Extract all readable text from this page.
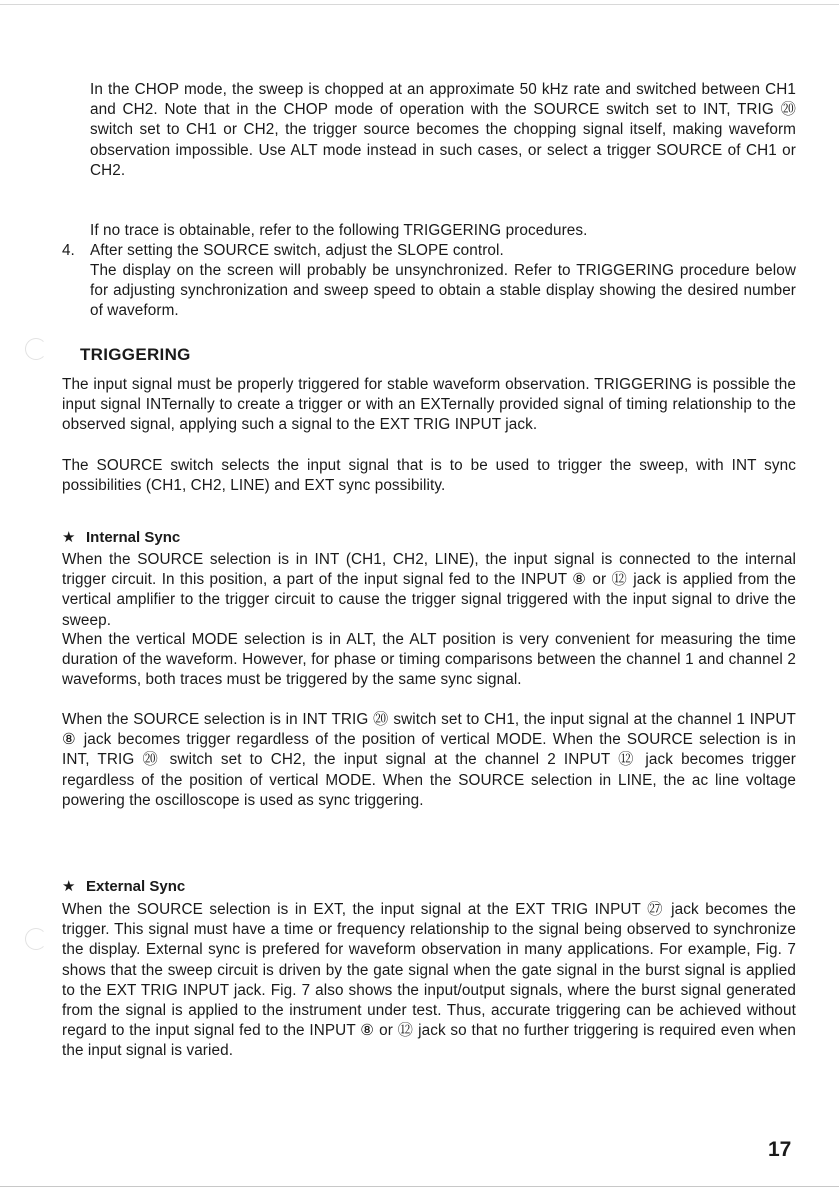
In the CHOP mode, the sweep is chopped at an approximate 50 kHz rate and switched between CH1 and CH2. Note that in the CHOP mode of operation with the SOURCE switch set to INT, TRIG ⑳ switch set to CH1 or CH2, the trigger source becomes the chopping signal itself, making waveform observation impossible. Use ALT mode instead in such cases, or select a trigger SOURCE of CH1 or CH2.
If no trace is obtainable, refer to the following TRIGGERING procedures.
4. After setting the SOURCE switch, adjust the SLOPE control.
The display on the screen will probably be unsynchronized. Refer to TRIGGERING procedure below for adjusting synchronization and sweep speed to obtain a stable display showing the desired number of waveform.
TRIGGERING
The input signal must be properly triggered for stable waveform observation. TRIGGERING is possible the input signal INTernally to create a trigger or with an EXTernally provided signal of timing relationship to the observed signal, applying such a signal to the EXT TRIG INPUT jack.
The SOURCE switch selects the input signal that is to be used to trigger the sweep, with INT sync possibilities (CH1, CH2, LINE) and EXT sync possibility.
★ Internal Sync
When the SOURCE selection is in INT (CH1, CH2, LINE), the input signal is connected to the internal trigger circuit. In this position, a part of the input signal fed to the INPUT ⑧ or ⑫ jack is applied from the vertical amplifier to the trigger circuit to cause the trigger signal triggered with the input signal to drive the sweep.
When the vertical MODE selection is in ALT, the ALT position is very convenient for measuring the time duration of the waveform. However, for phase or timing comparisons between the channel 1 and channel 2 waveforms, both traces must be triggered by the same sync signal.
When the SOURCE selection is in INT TRIG ⑳ switch set to CH1, the input signal at the channel 1 INPUT ⑧ jack becomes trigger regardless of the position of vertical MODE. When the SOURCE selection is in INT, TRIG ⑳ switch set to CH2, the input signal at the channel 2 INPUT ⑫ jack becomes trigger regardless of the position of vertical MODE. When the SOURCE selection in LINE, the ac line voltage powering the oscilloscope is used as sync triggering.
★ External Sync
When the SOURCE selection is in EXT, the input signal at the EXT TRIG INPUT ㉗ jack becomes the trigger. This signal must have a time or frequency relationship to the signal being observed to synchronize the display. External sync is prefered for waveform observation in many applications. For example, Fig. 7 shows that the sweep circuit is driven by the gate signal when the gate signal in the burst signal is applied to the EXT TRIG INPUT jack. Fig. 7 also shows the input/output signals, where the burst signal generated from the signal is applied to the instrument under test. Thus, accurate triggering can be achieved without regard to the input signal fed to the INPUT ⑧ or ⑫ jack so that no further triggering is required even when the input signal is varied.
17
